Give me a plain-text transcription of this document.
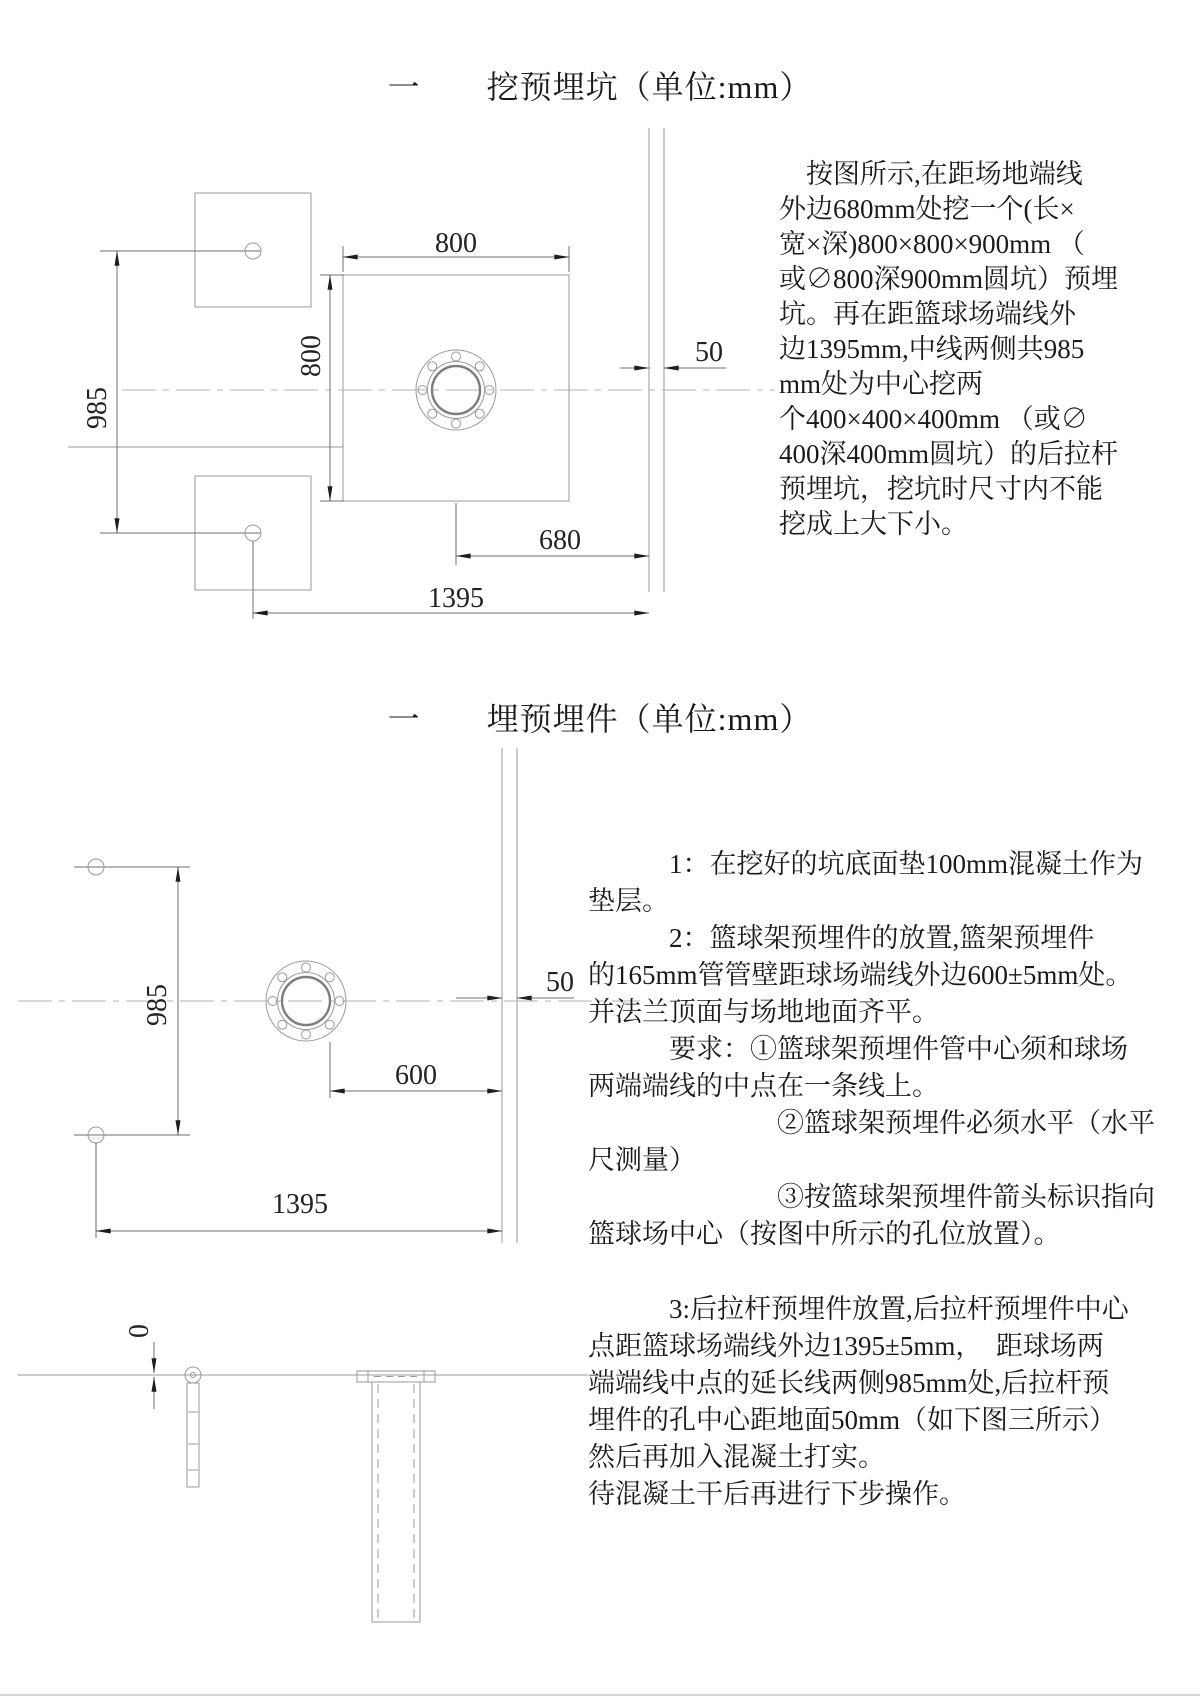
一　　挖预埋坑（单位:mm）
985
800
800
680
1395
50
　按图所示,在距场地端线
外边680mm处挖一个(长×
宽×深)800×800×900mm （
或∅800深900mm圆坑）预埋
坑。再在距篮球场端线外
边1395mm,中线两侧共985
mm处为中心挖两
个400×400×400mm （或∅
400深400mm圆坑）的后拉杆
预埋坑，挖坑时尺寸内不能
挖成上大下小。
一　　埋预埋件（单位:mm）
985
600
50
1395
　　　1：在挖好的坑底面垫100mm混凝土作为
垫层。
　　　2：篮球架预埋件的放置,篮架预埋件
的165mm管管壁距球场端线外边600±5mm处。
并法兰顶面与场地地面齐平。
　　　要求：①篮球架预埋件管中心须和球场
两端端线的中点在一条线上。
　　　　　　　②篮球架预埋件必须水平（水平
尺测量）
　　　　　　　③按篮球架预埋件箭头标识指向
篮球场中心（按图中所示的孔位放置）。
0
　　　3:后拉杆预埋件放置,后拉杆预埋件中心
点距篮球场端线外边1395±5mm，　距球场两
端端线中点的延长线两侧985mm处,后拉杆预
埋件的孔中心距地面50mm（如下图三所示）
然后再加入混凝土打实。
待混凝土干后再进行下步操作。
